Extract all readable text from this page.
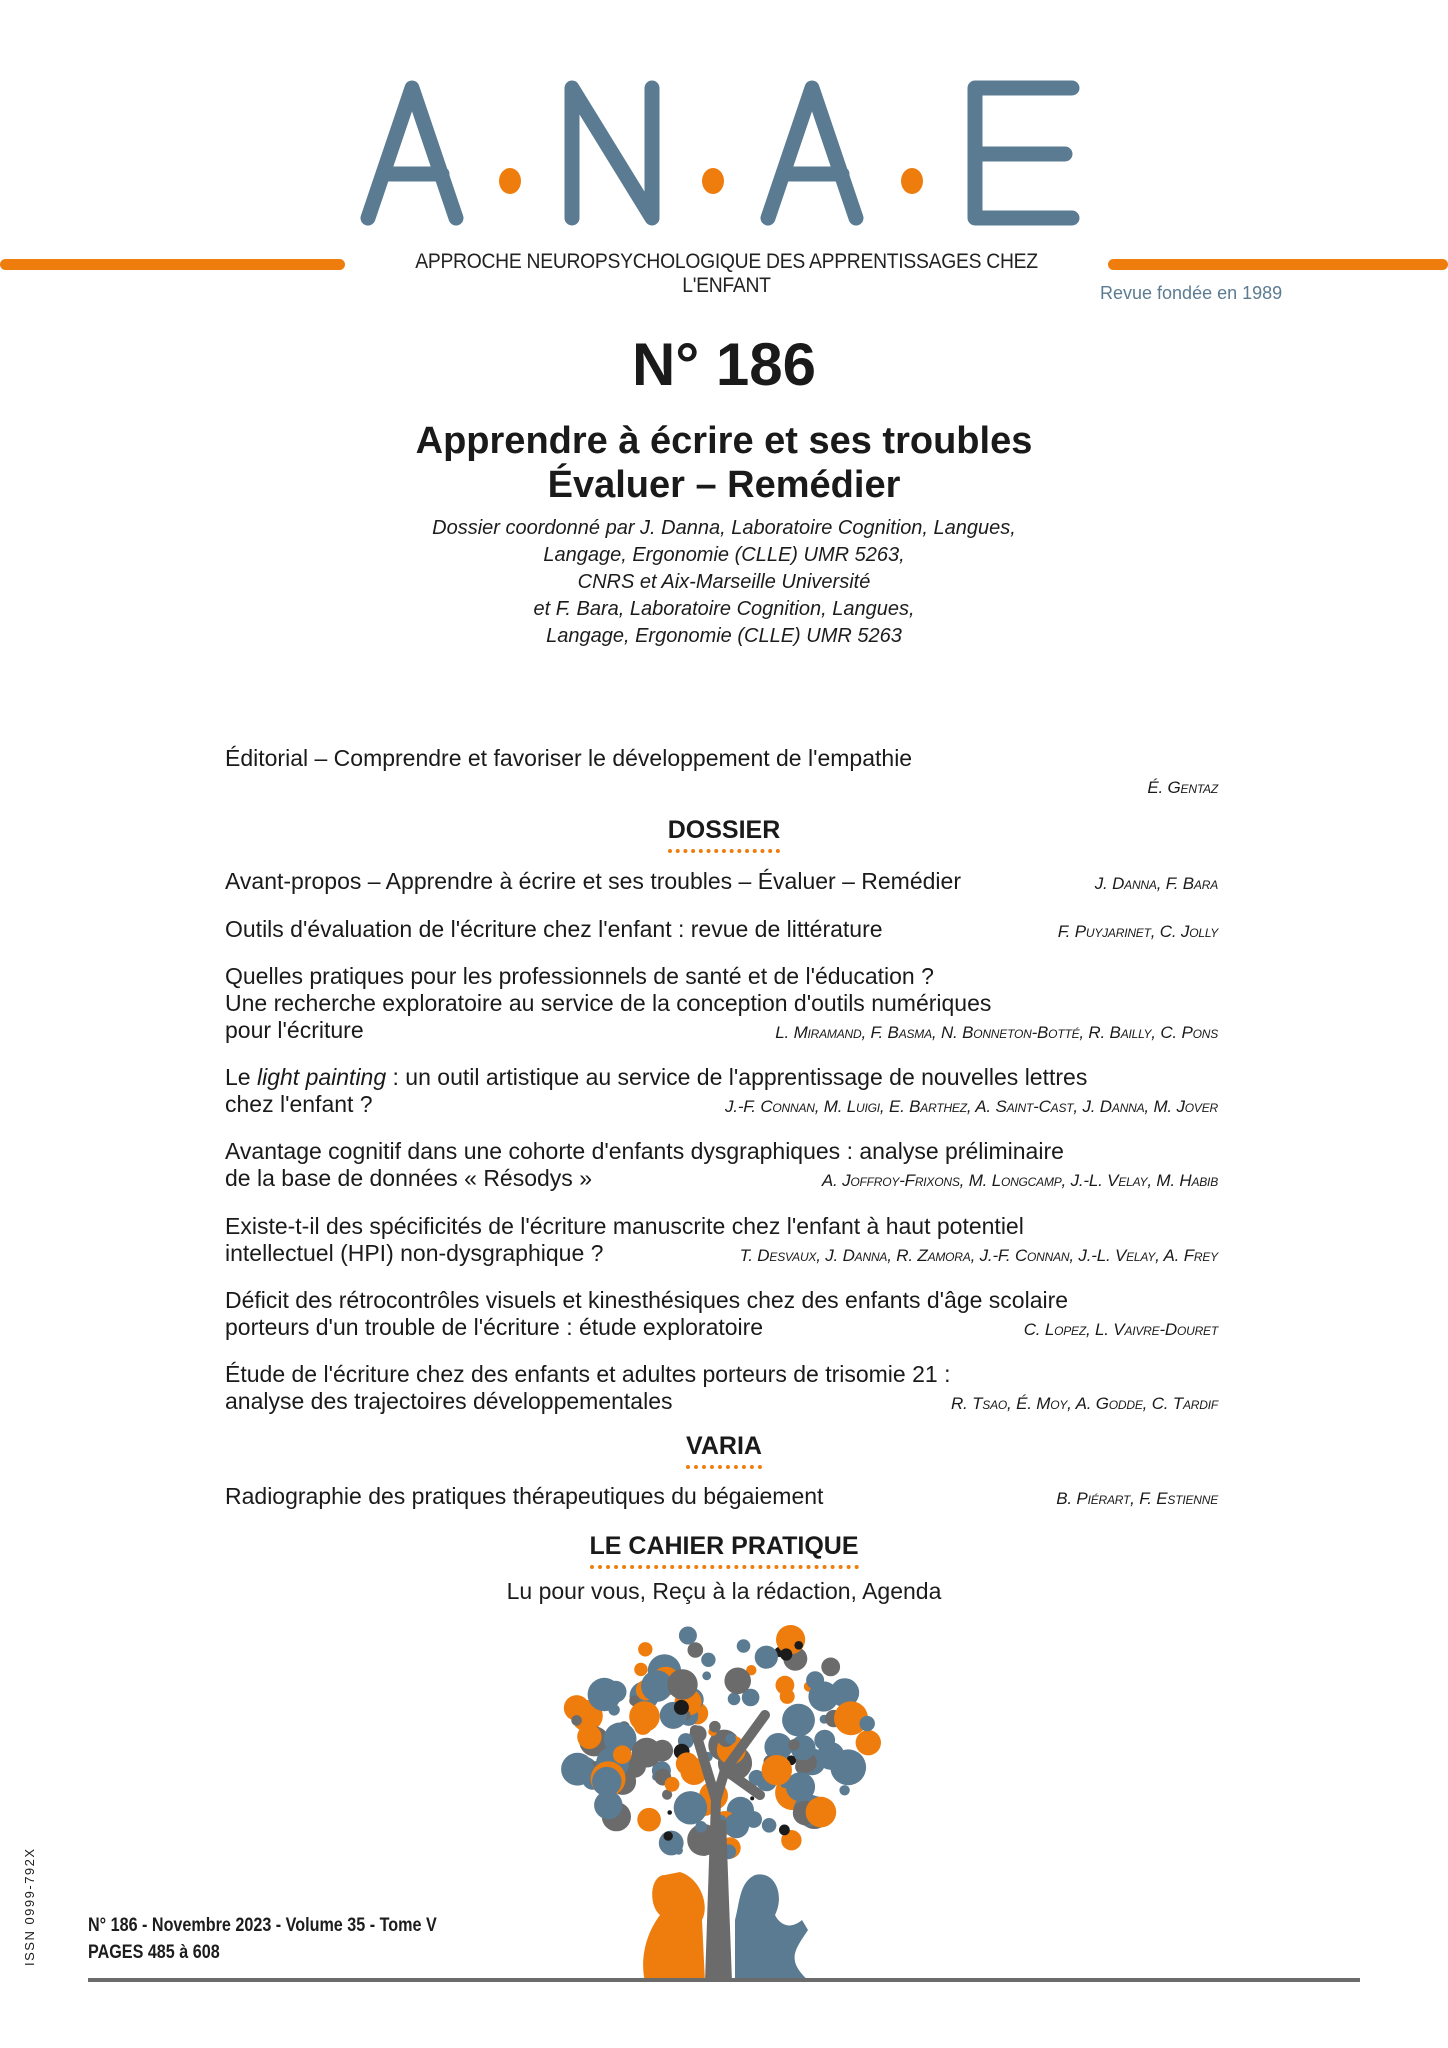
APPROCHE NEUROPSYCHOLOGIQUE DES APPRENTISSAGES CHEZ L'ENFANT	Revue fondée en 1989
N° 186
Apprendre à écrire et ses troubles
Évaluer – Remédier
Dossier coordonné par J. Danna, Laboratoire Cognition, Langues,
Langage, Ergonomie (CLLE) UMR 5263,
CNRS et Aix-Marseille Université
et F. Bara, Laboratoire Cognition, Langues,
Langage, Ergonomie (CLLE) UMR 5263
Éditorial – Comprendre et favoriser le développement de l'empathie
É. Gentaz
DOSSIER
Avant-propos – Apprendre à écrire et ses troubles – Évaluer – Remédier	J. Danna, F. Bara
Outils d'évaluation de l'écriture chez l'enfant : revue de littérature	F. Puyjarinet, C. Jolly
Quelles pratiques pour les professionnels de santé et de l'éducation ?
Une recherche exploratoire au service de la conception d'outils numériques
pour l'écriture	L. Miramand, F. Basma, N. Bonneton-Botté, R. Bailly, C. Pons
Le light painting : un outil artistique au service de l'apprentissage de nouvelles lettres
chez l'enfant ?	J.-F. Connan, M. Luigi, E. Barthez, A. Saint-Cast, J. Danna, M. Jover
Avantage cognitif dans une cohorte d'enfants dysgraphiques : analyse préliminaire
de la base de données « Résodys »	A. Joffroy-Frixons, M. Longcamp, J.-L. Velay, M. Habib
Existe-t-il des spécificités de l'écriture manuscrite chez l'enfant à haut potentiel
intellectuel (HPI) non-dysgraphique ?	T. Desvaux, J. Danna, R. Zamora, J.-F. Connan, J.-L. Velay, A. Frey
Déficit des rétrocontrôles visuels et kinesthésiques chez des enfants d'âge scolaire
porteurs d'un trouble de l'écriture : étude exploratoire	C. Lopez, L. Vaivre-Douret
Étude de l'écriture chez des enfants et adultes porteurs de trisomie 21 :
analyse des trajectoires développementales	R. Tsao, É. Moy, A. Godde, C. Tardif
VARIA
Radiographie des pratiques thérapeutiques du bégaiement	B. Piérart, F. Estienne
LE CAHIER PRATIQUE
Lu pour vous, Reçu à la rédaction, Agenda
ISSN 0999-792X	N° 186 - Novembre 2023 - Volume 35 - Tome V
PAGES 485 à 608
